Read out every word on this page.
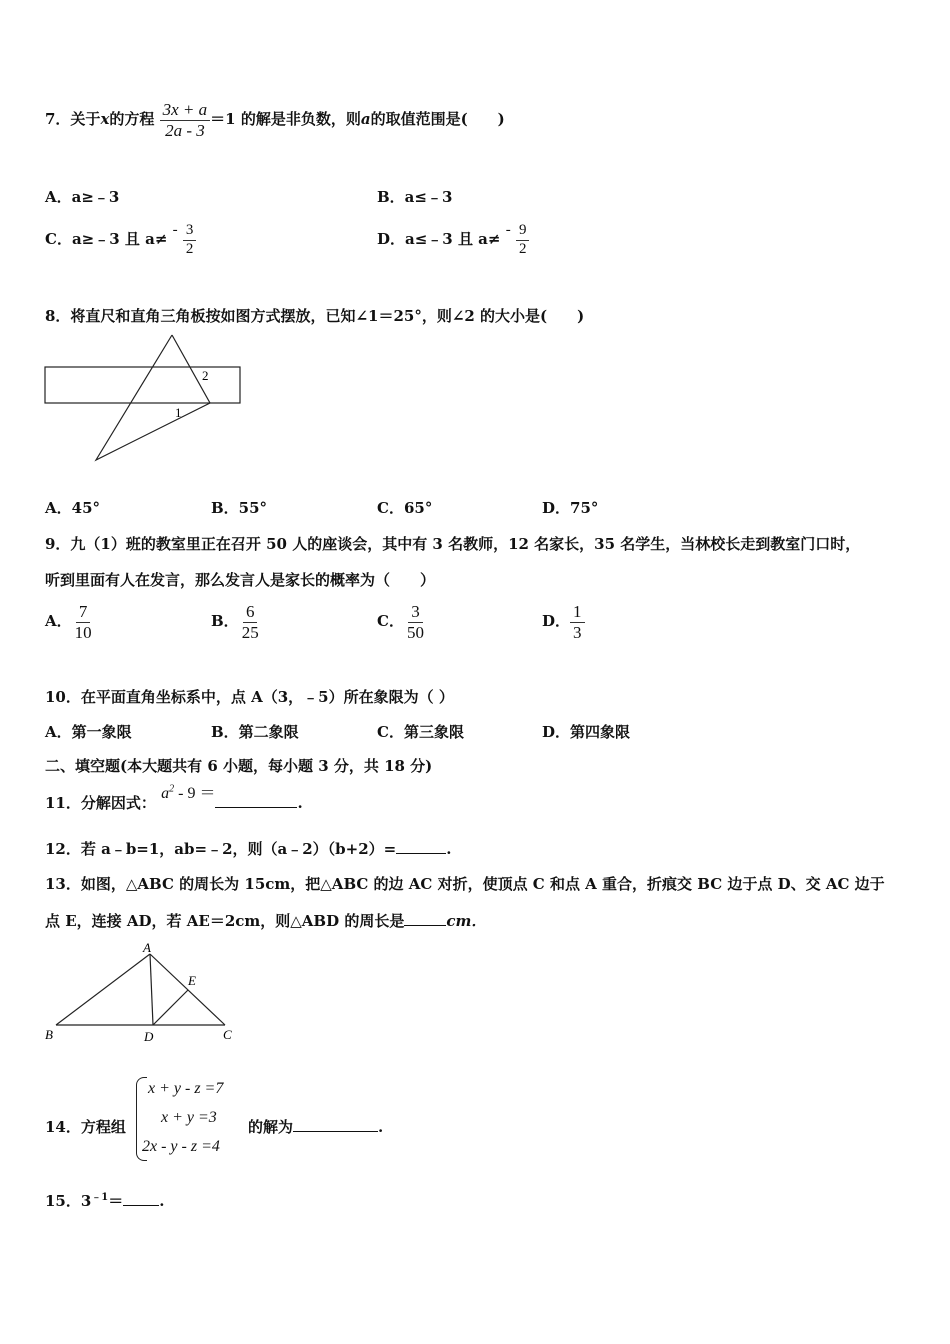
7．关于x的方程 $\frac{3x + a}{2a - 3} =1$ 的解是非负数，则a的取值范围是(　　)
A．a≥﹣3	B．a≤﹣3
C．a≥﹣3 且 $a\ne - \frac{3}{2}$	D．a≤﹣3 且 $a\ne - \frac{9}{2}$
8．将直尺和直角三角板按如图方式摆放，已知∠1＝25°，则∠2 的大小是(　　)
2
1
A．45°	B．55°	C．65°	D．75°
9．九（1）班的教室里正在召开 50 人的座谈会，其中有 3 名教师，12 名家长，35 名学生，当林校长走到教室门口时，
听到里面有人在发言，那么发言人是家长的概率为（　　）
A． $\frac{7}{10}$	B． $\frac{6}{25}$	C． $\frac{3}{50}$	D． $\frac{1}{3}$
10．在平面直角坐标系中，点 A（3，﹣5）所在象限为（ ）
A．第一象限	B．第二象限	C．第三象限	D．第四象限
二、填空题(本大题共有 6 小题，每小题 3 分，共 18 分)
11．分解因式： $a^2 - 9$ ＝.
12．若 a﹣b=1，ab=﹣2，则（a﹣2）（b+2）=	.
13．如图，△ABC 的周长为 15cm，把△ABC 的边 AC 对折，使顶点 C 和点 A 重合，折痕交 BC 边于点 D、交 AC 边于
点 E，连接 AD，若 AE＝2cm，则△ABD 的周长是	cm．
A
B	C
D
E
14．方程组
x + y - z =7
x + y =3
2x - y - z =4
的解为	.
15．$3^{﹣1}=$ .
